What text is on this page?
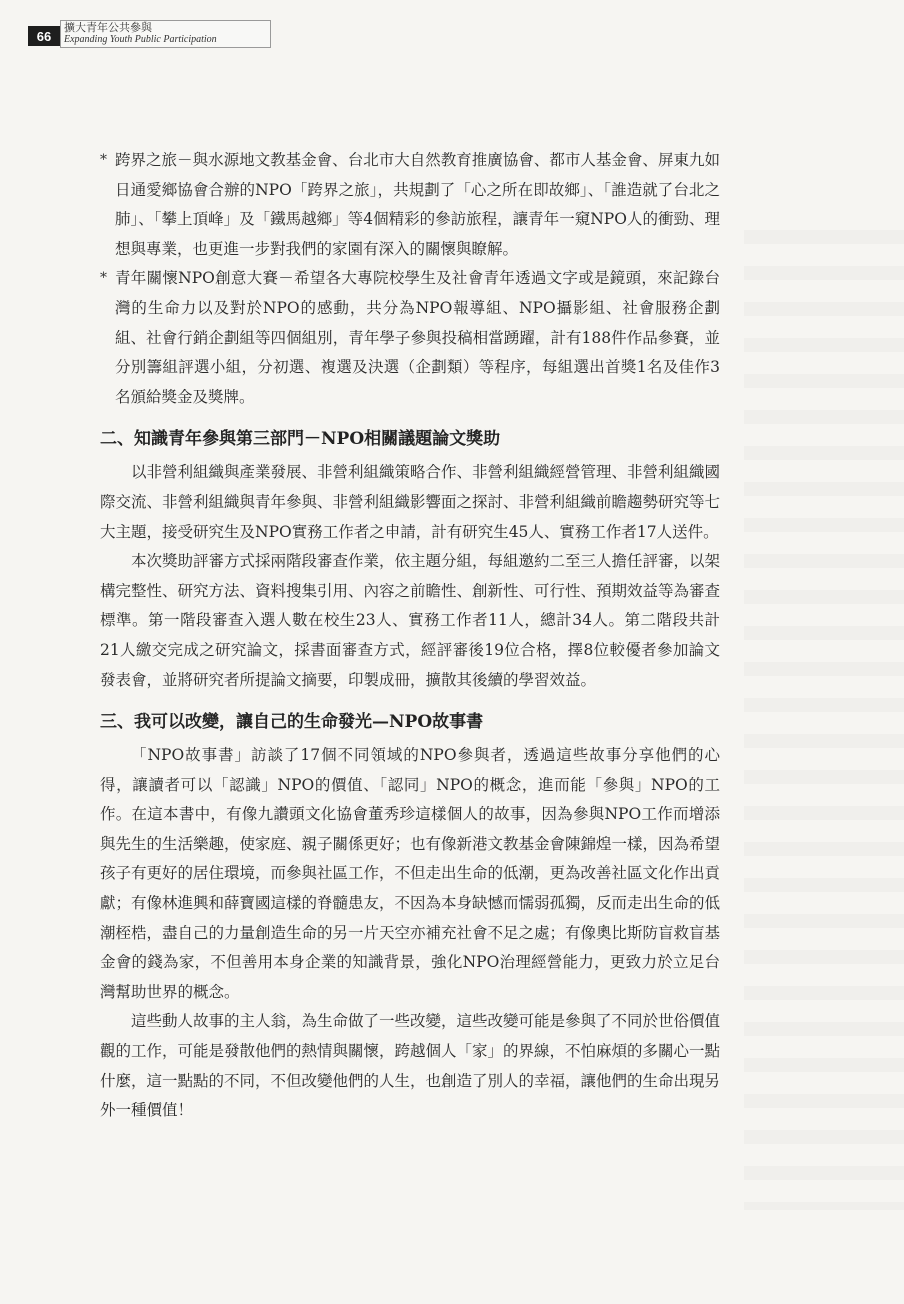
66
擴大青年公共參與
Expanding Youth Public Participation
* 跨界之旅－與水源地文教基金會、台北市大自然教育推廣協會、都市人基金會、屏東九如日通愛鄉協會合辦的NPO「跨界之旅」，共規劃了「心之所在即故鄉」、「誰造就了台北之肺」、「攀上頂峰」及「鐵馬越鄉」等4個精彩的參訪旅程，讓青年一窺NPO人的衝勁、理想與專業，也更進一步對我們的家園有深入的關懷與瞭解。
* 青年關懷NPO創意大賽－希望各大專院校學生及社會青年透過文字或是鏡頭，來記錄台灣的生命力以及對於NPO的感動，共分為NPO報導組、NPO攝影組、社會服務企劃組、社會行銷企劃組等四個組別，青年學子參與投稿相當踴躍，計有188件作品參賽，並分別籌組評選小組，分初選、複選及決選（企劃類）等程序，每組選出首獎1名及佳作3名頒給獎金及獎牌。
二、知識青年參與第三部門－NPO相關議題論文獎助

以非營利組織與產業發展、非營利組織策略合作、非營利組織經營管理、非營利組織國際交流、非營利組織與青年參與、非營利組織影響面之探討、非營利組織前瞻趨勢研究等七大主題，接受研究生及NPO實務工作者之申請，計有研究生45人、實務工作者17人送件。

本次獎助評審方式採兩階段審查作業，依主題分組，每組邀約二至三人擔任評審，以架構完整性、研究方法、資料搜集引用、內容之前瞻性、創新性、可行性、預期效益等為審查標準。第一階段審查入選人數在校生23人、實務工作者11人，總計34人。第二階段共計21人繳交完成之研究論文，採書面審查方式，經評審後19位合格，擇8位較優者參加論文發表會，並將研究者所提論文摘要，印製成冊，擴散其後續的學習效益。

三、我可以改變，讓自己的生命發光—NPO故事書

「NPO故事書」訪談了17個不同領域的NPO參與者，透過這些故事分享他們的心得，讓讀者可以「認識」NPO的價值、「認同」NPO的概念，進而能「參與」NPO的工作。在這本書中，有像九讚頭文化協會董秀珍這樣個人的故事，因為參與NPO工作而增添與先生的生活樂趣，使家庭、親子關係更好；也有像新港文教基金會陳錦煌一樣，因為希望孩子有更好的居住環境，而參與社區工作，不但走出生命的低潮，更為改善社區文化作出貢獻；有像林進興和薛寶國這樣的脊髓患友，不因為本身缺憾而懦弱孤獨，反而走出生命的低潮桎梏，盡自己的力量創造生命的另一片天空亦補充社會不足之處；有像奧比斯防盲救盲基金會的錢為家，不但善用本身企業的知識背景，強化NPO治理經營能力，更致力於立足台灣幫助世界的概念。

這些動人故事的主人翁，為生命做了一些改變，這些改變可能是參與了不同於世俗價值觀的工作，可能是發散他們的熱情與關懷，跨越個人「家」的界線，不怕麻煩的多關心一點什麼，這一點點的不同，不但改變他們的人生，也創造了別人的幸福，讓他們的生命出現另外一種價值！
